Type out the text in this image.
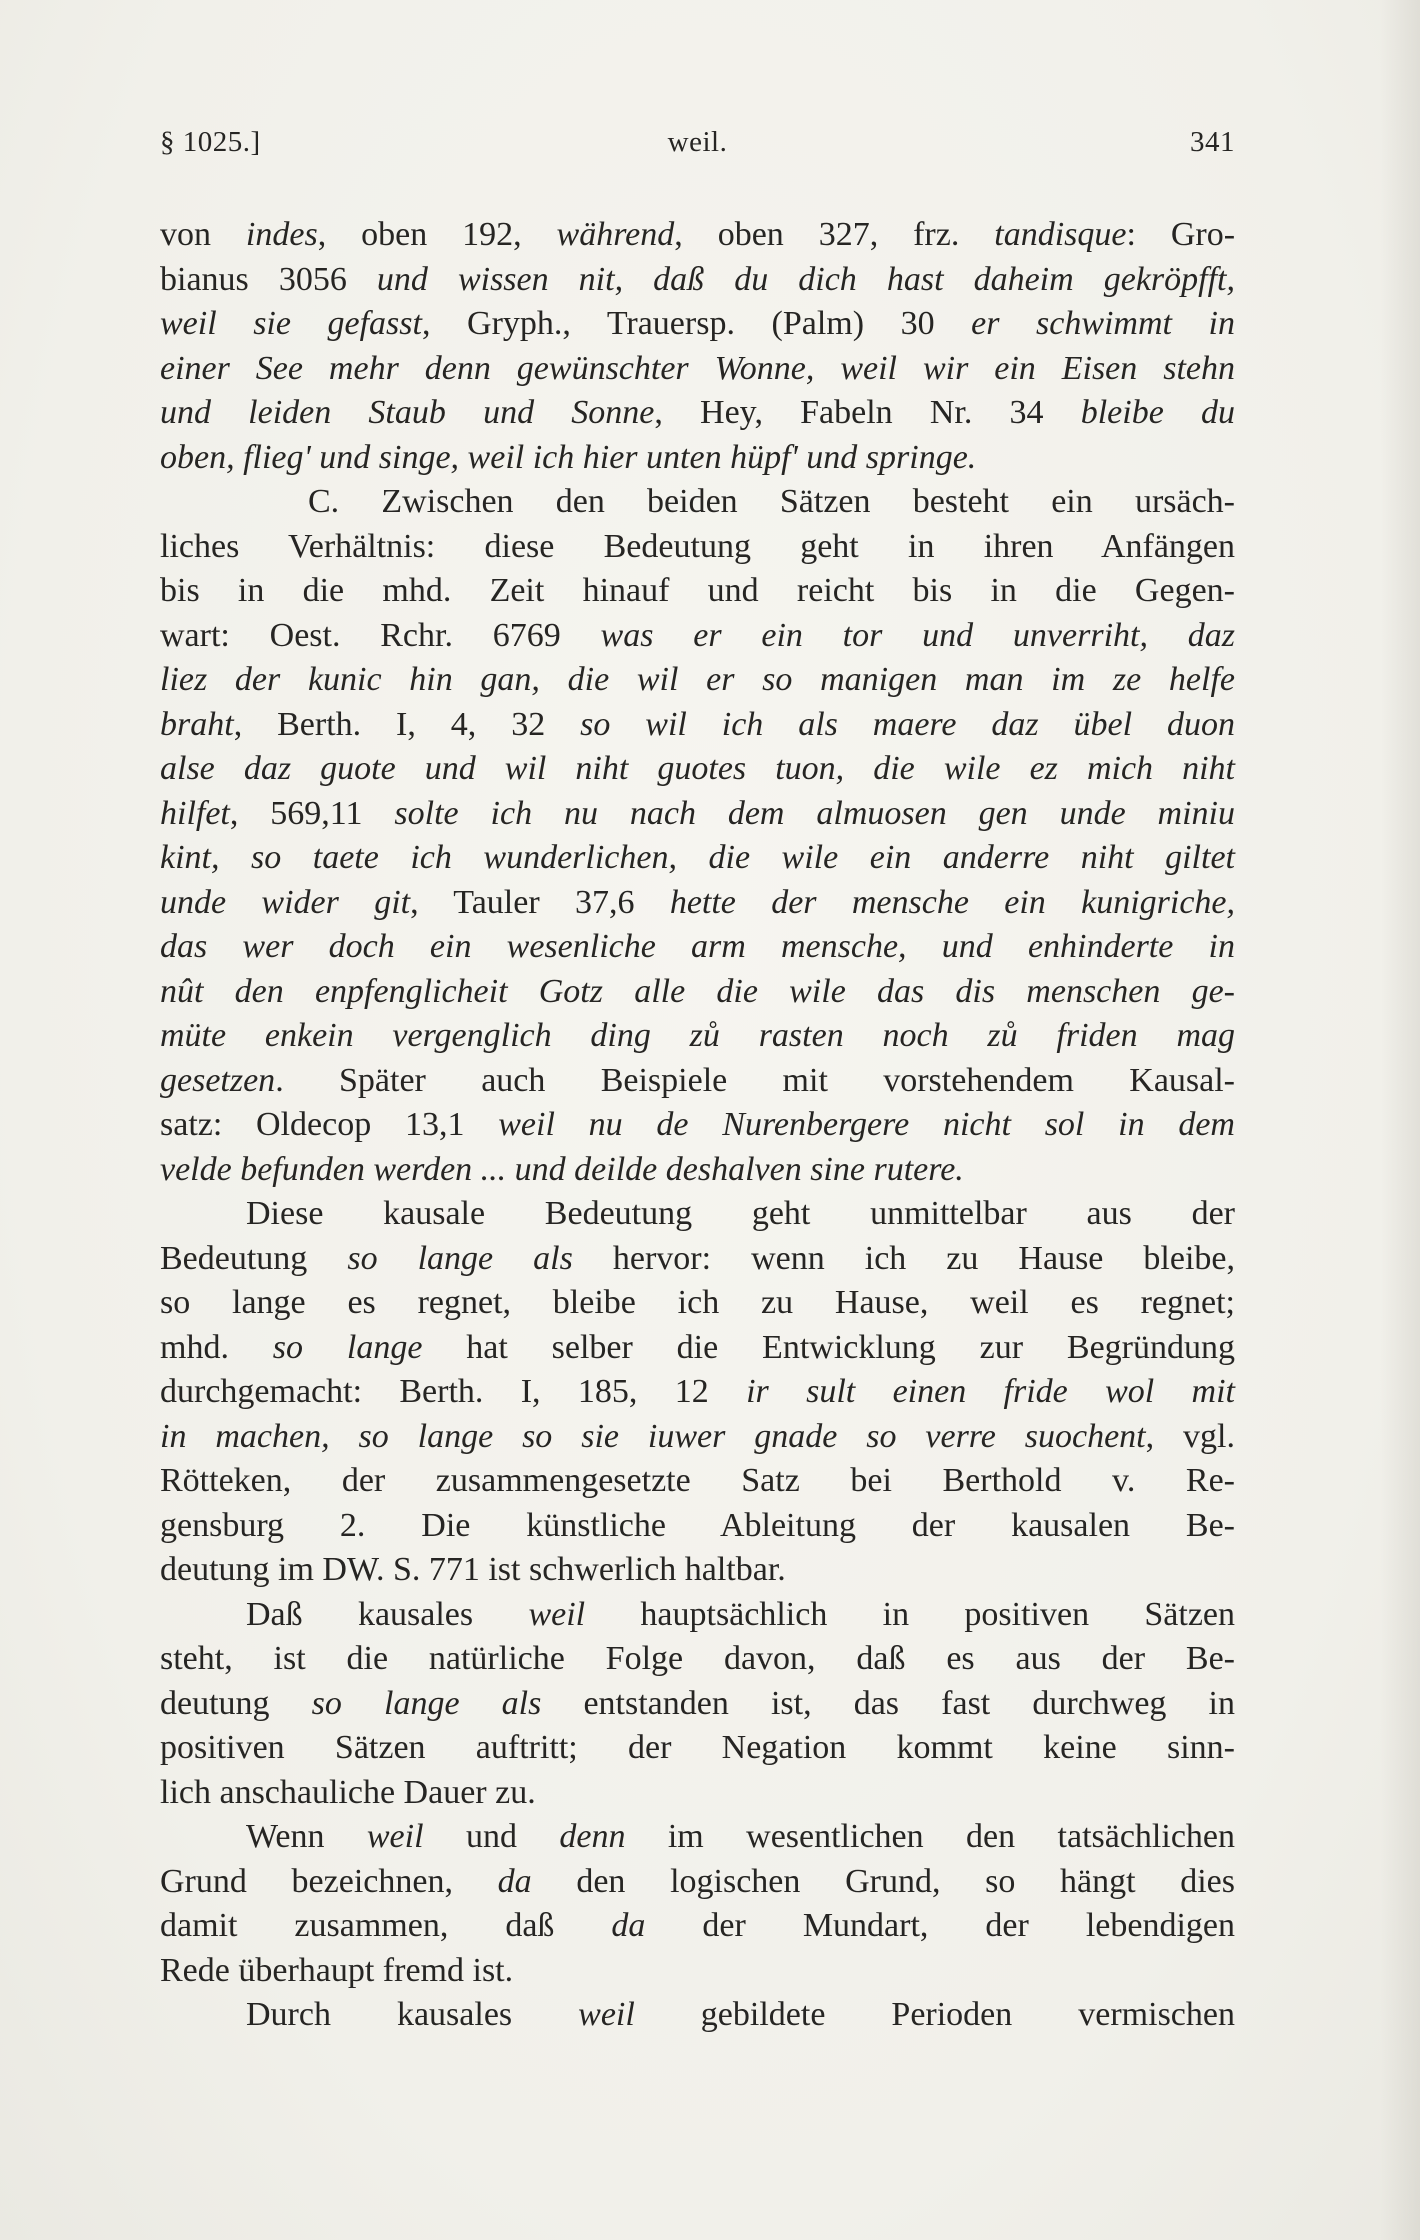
§ 1025.]	weil.	341
von indes, oben 192, während, oben 327, frz. tandisque: Gro-
bianus 3056 und wissen nit, daß du dich hast daheim gekröpfft,
weil sie gefasst, Gryph., Trauersp. (Palm) 30 er schwimmt in
einer See mehr denn gewünschter Wonne, weil wir ein Eisen stehn
und leiden Staub und Sonne, Hey, Fabeln Nr. 34 bleibe du
oben, flieg' und singe, weil ich hier unten hüpf' und springe.
C. Zwischen den beiden Sätzen besteht ein ursäch-
liches Verhältnis: diese Bedeutung geht in ihren Anfängen
bis in die mhd. Zeit hinauf und reicht bis in die Gegen-
wart: Oest. Rchr. 6769 was er ein tor und unverriht, daz
liez der kunic hin gan, die wil er so manigen man im ze helfe
braht, Berth. I, 4, 32 so wil ich als maere daz übel duon
alse daz guote und wil niht guotes tuon, die wile ez mich niht
hilfet, 569,11 solte ich nu nach dem almuosen gen unde miniu
kint, so taete ich wunderlichen, die wile ein anderre niht giltet
unde wider git, Tauler 37,6 hette der mensche ein kunigriche,
das wer doch ein wesenliche arm mensche, und enhinderte in
nût den enpfenglicheit Gotz alle die wile das dis menschen ge-
müte enkein vergenglich ding zů rasten noch zů friden mag
gesetzen. Später auch Beispiele mit vorstehendem Kausal-
satz: Oldecop 13,1 weil nu de Nurenbergere nicht sol in dem
velde befunden werden ... und deilde deshalven sine rutere.
Diese kausale Bedeutung geht unmittelbar aus der
Bedeutung so lange als hervor: wenn ich zu Hause bleibe,
so lange es regnet, bleibe ich zu Hause, weil es regnet;
mhd. so lange hat selber die Entwicklung zur Begründung
durchgemacht: Berth. I, 185, 12 ir sult einen fride wol mit
in machen, so lange so sie iuwer gnade so verre suochent, vgl.
Rötteken, der zusammengesetzte Satz bei Berthold v. Re-
gensburg 2. Die künstliche Ableitung der kausalen Be-
deutung im DW. S. 771 ist schwerlich haltbar.
Daß kausales weil hauptsächlich in positiven Sätzen
steht, ist die natürliche Folge davon, daß es aus der Be-
deutung so lange als entstanden ist, das fast durchweg in
positiven Sätzen auftritt; der Negation kommt keine sinn-
lich anschauliche Dauer zu.
Wenn weil und denn im wesentlichen den tatsächlichen
Grund bezeichnen, da den logischen Grund, so hängt dies
damit zusammen, daß da der Mundart, der lebendigen
Rede überhaupt fremd ist.
Durch kausales weil gebildete Perioden vermischen
